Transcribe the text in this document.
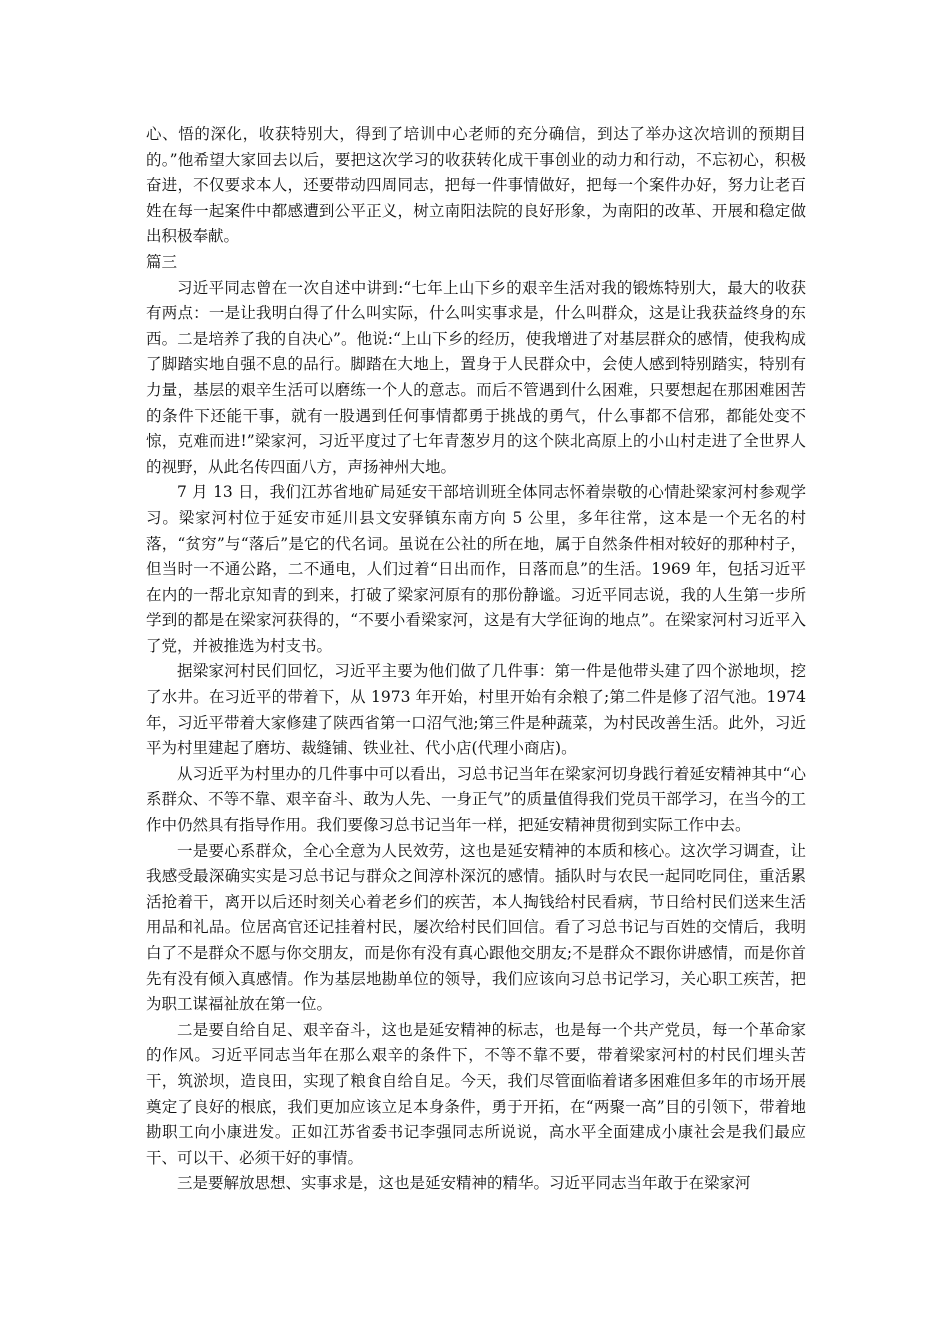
心、悟的深化，收获特别大，得到了培训中心老师的充分确信，到达了举办这次培训的预期目的。”他希望大家回去以后，要把这次学习的收获转化成干事创业的动力和行动，不忘初心，积极奋进，不仅要求本人，还要带动四周同志，把每一件事情做好，把每一个案件办好，努力让老百姓在每一起案件中都感遭到公平正义，树立南阳法院的良好形象，为南阳的改革、开展和稳定做出积极奉献。

篇三

习近平同志曾在一次自述中讲到:“七年上山下乡的艰辛生活对我的锻炼特别大，最大的收获有两点：一是让我明白得了什么叫实际，什么叫实事求是，什么叫群众，这是让我获益终身的东西。二是培养了我的自决心”。他说:“上山下乡的经历，使我增进了对基层群众的感情，使我构成了脚踏实地自强不息的品行。脚踏在大地上，置身于人民群众中，会使人感到特别踏实，特别有力量，基层的艰辛生活可以磨练一个人的意志。而后不管遇到什么困难，只要想起在那困难困苦的条件下还能干事，就有一股遇到任何事情都勇于挑战的勇气，什么事都不信邪，都能处变不惊，克难而进!”梁家河，习近平度过了七年青葱岁月的这个陕北高原上的小山村走进了全世界人的视野，从此名传四面八方，声扬神州大地。

7 月 13 日，我们江苏省地矿局延安干部培训班全体同志怀着崇敬的心情赴梁家河村参观学习。梁家河村位于延安市延川县文安驿镇东南方向 5 公里，多年往常，这本是一个无名的村落，“贫穷”与“落后”是它的代名词。虽说在公社的所在地，属于自然条件相对较好的那种村子，但当时一不通公路，二不通电，人们过着“日出而作，日落而息”的生活。1969 年，包括习近平在内的一帮北京知青的到来，打破了梁家河原有的那份静谧。习近平同志说，我的人生第一步所学到的都是在梁家河获得的，“不要小看梁家河，这是有大学征询的地点”。在梁家河村习近平入了党，并被推选为村支书。

据梁家河村民们回忆，习近平主要为他们做了几件事：第一件是他带头建了四个淤地坝，挖了水井。在习近平的带着下，从 1973 年开始，村里开始有余粮了;第二件是修了沼气池。1974 年，习近平带着大家修建了陕西省第一口沼气池;第三件是种蔬菜，为村民改善生活。此外，习近平为村里建起了磨坊、裁缝铺、铁业社、代小店(代理小商店)。

从习近平为村里办的几件事中可以看出，习总书记当年在梁家河切身践行着延安精神其中“心系群众、不等不靠、艰辛奋斗、敢为人先、一身正气”的质量值得我们党员干部学习，在当今的工作中仍然具有指导作用。我们要像习总书记当年一样，把延安精神贯彻到实际工作中去。

一是要心系群众，全心全意为人民效劳，这也是延安精神的本质和核心。这次学习调查，让我感受最深确实实是习总书记与群众之间淳朴深沉的感情。插队时与农民一起同吃同住，重活累活抢着干，离开以后还时刻关心着老乡们的疾苦，本人掏钱给村民看病，节日给村民们送来生活用品和礼品。位居高官还记挂着村民，屡次给村民们回信。看了习总书记与百姓的交情后，我明白了不是群众不愿与你交朋友，而是你有没有真心跟他交朋友;不是群众不跟你讲感情，而是你首先有没有倾入真感情。作为基层地勘单位的领导，我们应该向习总书记学习，关心职工疾苦，把为职工谋福祉放在第一位。

二是要自给自足、艰辛奋斗，这也是延安精神的标志，也是每一个共产党员，每一个革命家的作风。习近平同志当年在那么艰辛的条件下，不等不靠不要，带着梁家河村的村民们埋头苦干，筑淤坝，造良田，实现了粮食自给自足。今天，我们尽管面临着诸多困难但多年的市场开展奠定了良好的根底，我们更加应该立足本身条件，勇于开拓，在“两聚一高”目的引领下，带着地勘职工向小康进发。正如江苏省委书记李强同志所说说，高水平全面建成小康社会是我们最应干、可以干、必须干好的事情。

三是要解放思想、实事求是，这也是延安精神的精华。习近平同志当年敢于在梁家河
